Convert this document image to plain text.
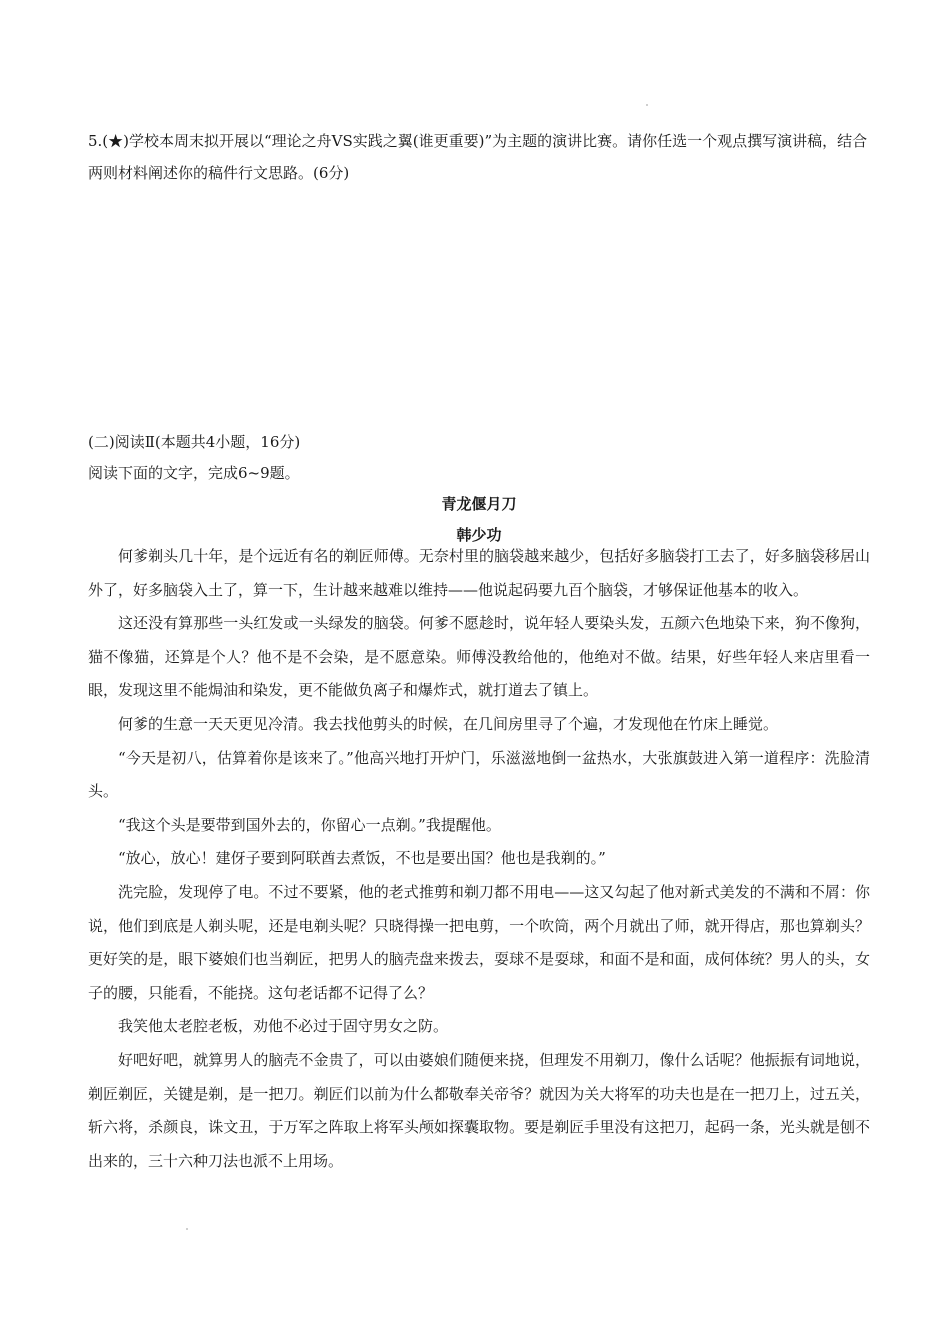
5.(★)学校本周末拟开展以“理论之舟VS实践之翼(谁更重要)”为主题的演讲比赛。请你任选一个观点撰写演讲稿，结合两则材料阐述你的稿件行文思路。(6分)

(二)阅读Ⅱ(本题共4小题，16分)

阅读下面的文字，完成6~9题。

青龙偃月刀

韩少功

何爹剃头几十年，是个远近有名的剃匠师傅。无奈村里的脑袋越来越少，包括好多脑袋打工去了，好多脑袋移居山外了，好多脑袋入土了，算一下，生计越来越难以维持——他说起码要九百个脑袋，才够保证他基本的收入。

这还没有算那些一头红发或一头绿发的脑袋。何爹不愿趁时，说年轻人要染头发，五颜六色地染下来，狗不像狗，猫不像猫，还算是个人？他不是不会染，是不愿意染。师傅没教给他的，他绝对不做。结果，好些年轻人来店里看一眼，发现这里不能焗油和染发，更不能做负离子和爆炸式，就打道去了镇上。

何爹的生意一天天更见冷清。我去找他剪头的时候，在几间房里寻了个遍，才发现他在竹床上睡觉。

“今天是初八，估算着你是该来了。”他高兴地打开炉门，乐滋滋地倒一盆热水，大张旗鼓进入第一道程序：洗脸清头。

“我这个头是要带到国外去的，你留心一点剃。”我提醒他。

“放心，放心！建伢子要到阿联酋去煮饭，不也是要出国？他也是我剃的。”

洗完脸，发现停了电。不过不要紧，他的老式推剪和剃刀都不用电——这又勾起了他对新式美发的不满和不屑：你说，他们到底是人剃头呢，还是电剃头呢？只晓得操一把电剪，一个吹筒，两个月就出了师，就开得店，那也算剃头？更好笑的是，眼下婆娘们也当剃匠，把男人的脑壳盘来拨去，耍球不是耍球，和面不是和面，成何体统？男人的头，女子的腰，只能看，不能挠。这句老话都不记得了么？

我笑他太老腔老板，劝他不必过于固守男女之防。

好吧好吧，就算男人的脑壳不金贵了，可以由婆娘们随便来挠，但理发不用剃刀，像什么话呢？他振振有词地说，剃匠剃匠，关键是剃，是一把刀。剃匠们以前为什么都敬奉关帝爷？就因为关大将军的功夫也是在一把刀上，过五关，斩六将，杀颜良，诛文丑，于万军之阵取上将军头颅如探囊取物。要是剃匠手里没有这把刀，起码一条，光头就是刨不出来的，三十六种刀法也派不上用场。
